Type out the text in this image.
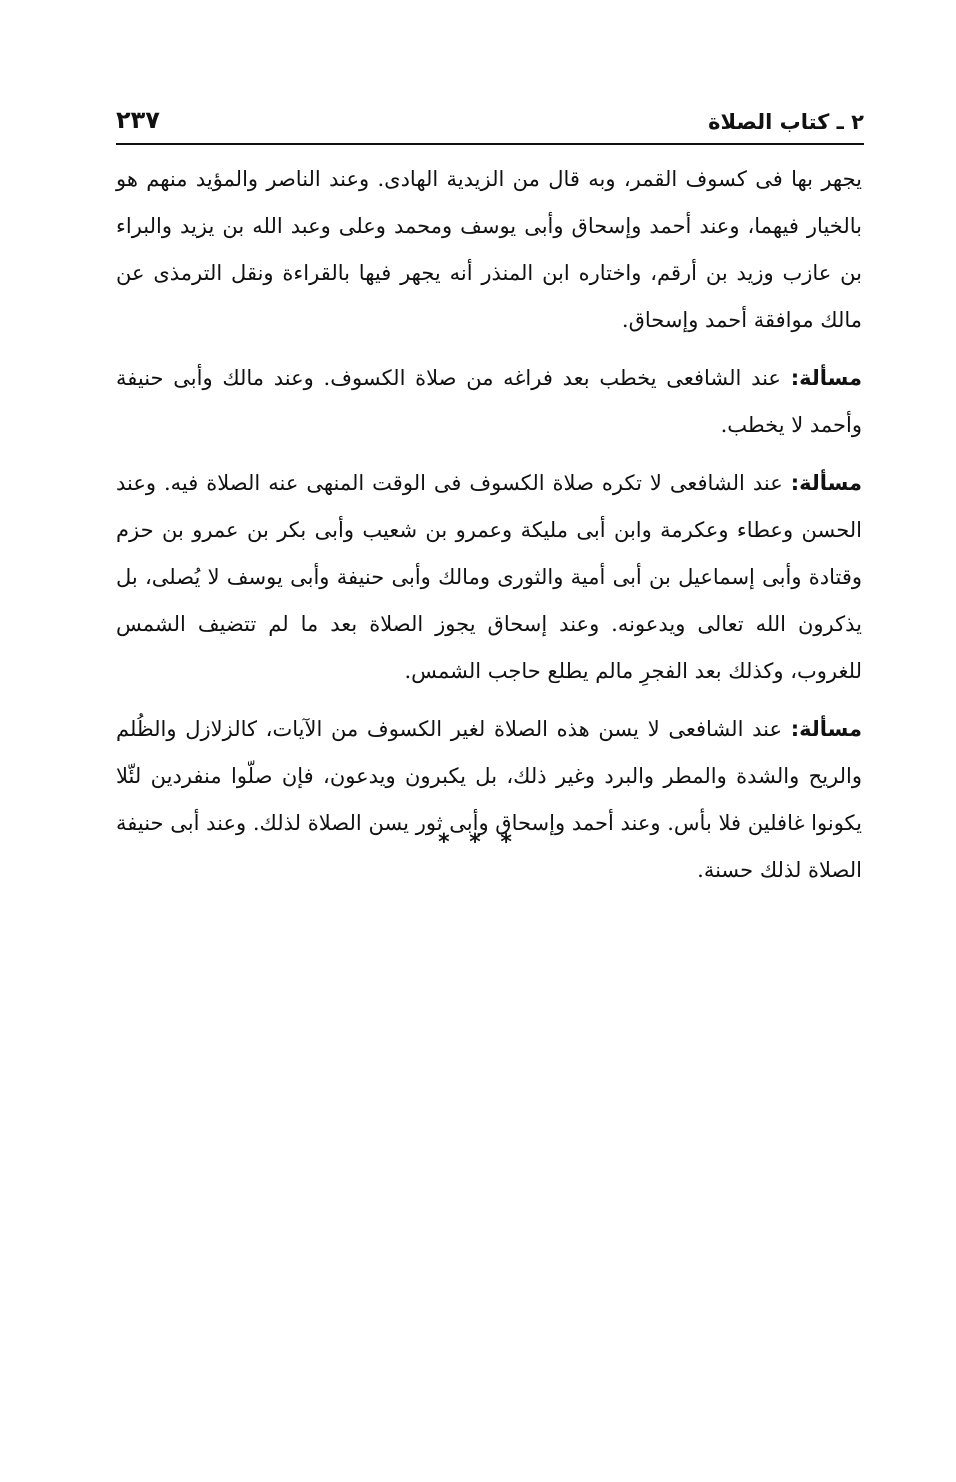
٢ ـ كتاب الصلاة
٢٣٧

يجهر بها فى كسوف القمر، وبه قال من الزيدية الهادى. وعند الناصر والمؤيد منهم هو بالخيار فيهما، وعند أحمد وإسحاق وأبى يوسف ومحمد وعلى وعبد الله بن يزيد والبراء بن عازب وزيد بن أرقم، واختاره ابن المنذر أنه يجهر فيها بالقراءة ونقل الترمذى عن مالك موافقة أحمد وإسحاق.

مسألة: عند الشافعى يخطب بعد فراغه من صلاة الكسوف. وعند مالك وأبى حنيفة وأحمد لا يخطب.

مسألة: عند الشافعى لا تكره صلاة الكسوف فى الوقت المنهى عنه الصلاة فيه. وعند الحسن وعطاء وعكرمة وابن أبى مليكة وعمرو بن شعيب وأبى بكر بن عمرو بن حزم وقتادة وأبى إسماعيل بن أبى أمية والثورى ومالك وأبى حنيفة وأبى يوسف لا يُصلى، بل يذكرون الله تعالى ويدعونه. وعند إسحاق يجوز الصلاة بعد ما لم تتضيف الشمس للغروب، وكذلك بعد الفجرِ مالم يطلع حاجب الشمس.

مسألة: عند الشافعى لا يسن هذه الصلاة لغير الكسوف من الآيات، كالزلازل والظُلم والريح والشدة والمطر والبرد وغير ذلك، بل يكبرون ويدعون، فإن صلّوا منفردين لئّلا يكونوا غافلين فلا بأس. وعند أحمد وإسحاق وأبى ثور يسن الصلاة لذلك. وعند أبى حنيفة الصلاة لذلك حسنة.

* * *
